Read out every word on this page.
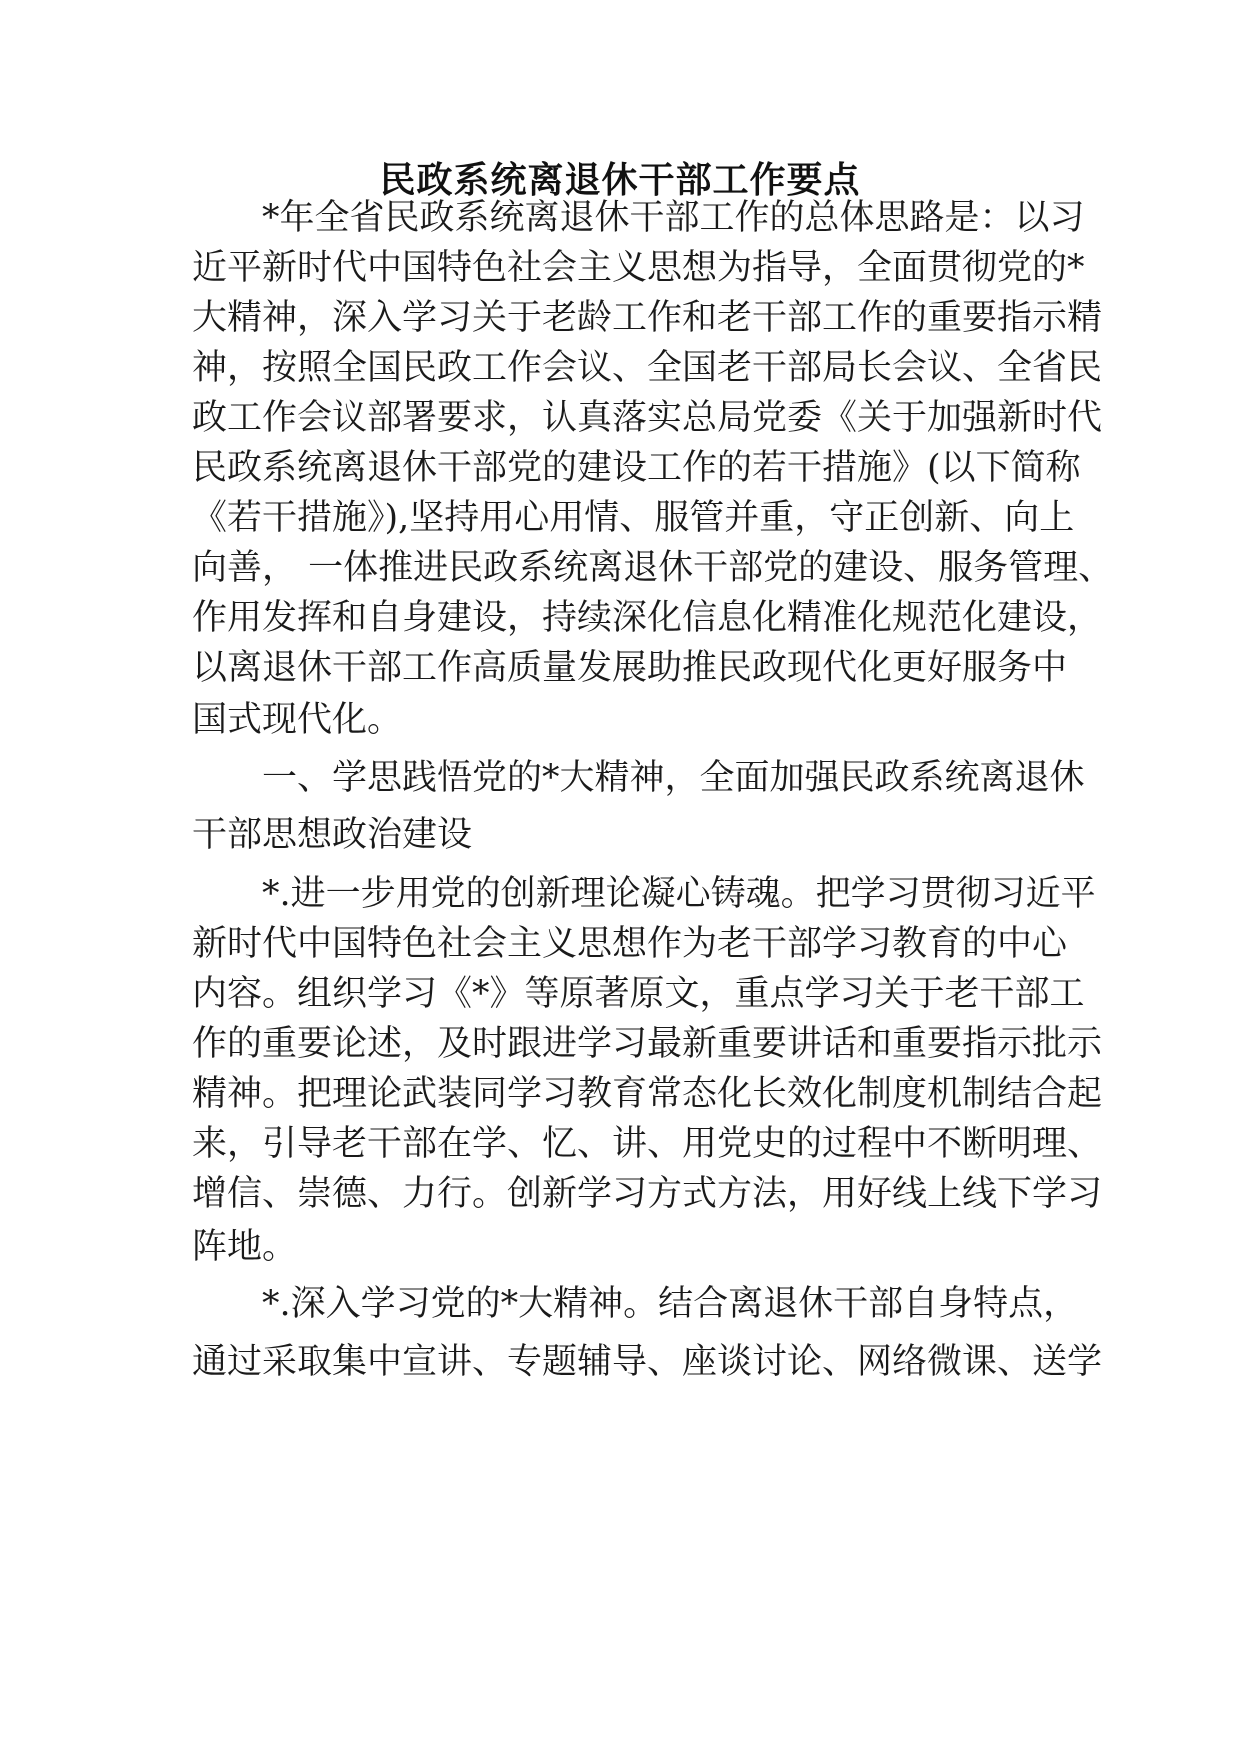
民政系统离退休干部工作要点
*年全省民政系统离退休干部工作的总体思路是：以习
近平新时代中国特色社会主义思想为指导，全面贯彻党的*
大精神，深入学习关于老龄工作和老干部工作的重要指示精
神，按照全国民政工作会议、全国老干部局长会议、全省民
政工作会议部署要求，认真落实总局党委《关于加强新时代
民政系统离退休干部党的建设工作的若干措施》(以下简称
《若干措施》),坚持用心用情、服管并重，守正创新、向上
向善， 一体推进民政系统离退休干部党的建设、服务管理、
作用发挥和自身建设，持续深化信息化精准化规范化建设，
以离退休干部工作高质量发展助推民政现代化更好服务中
国式现代化。
一、学思践悟党的*大精神，全面加强民政系统离退休
干部思想政治建设
*.进一步用党的创新理论凝心铸魂。把学习贯彻习近平
新时代中国特色社会主义思想作为老干部学习教育的中心
内容。组织学习《*》等原著原文，重点学习关于老干部工
作的重要论述，及时跟进学习最新重要讲话和重要指示批示
精神。把理论武装同学习教育常态化长效化制度机制结合起
来，引导老干部在学、忆、讲、用党史的过程中不断明理、
增信、崇德、力行。创新学习方式方法，用好线上线下学习
阵地。
*.深入学习党的*大精神。结合离退休干部自身特点，
通过采取集中宣讲、专题辅导、座谈讨论、网络微课、送学
